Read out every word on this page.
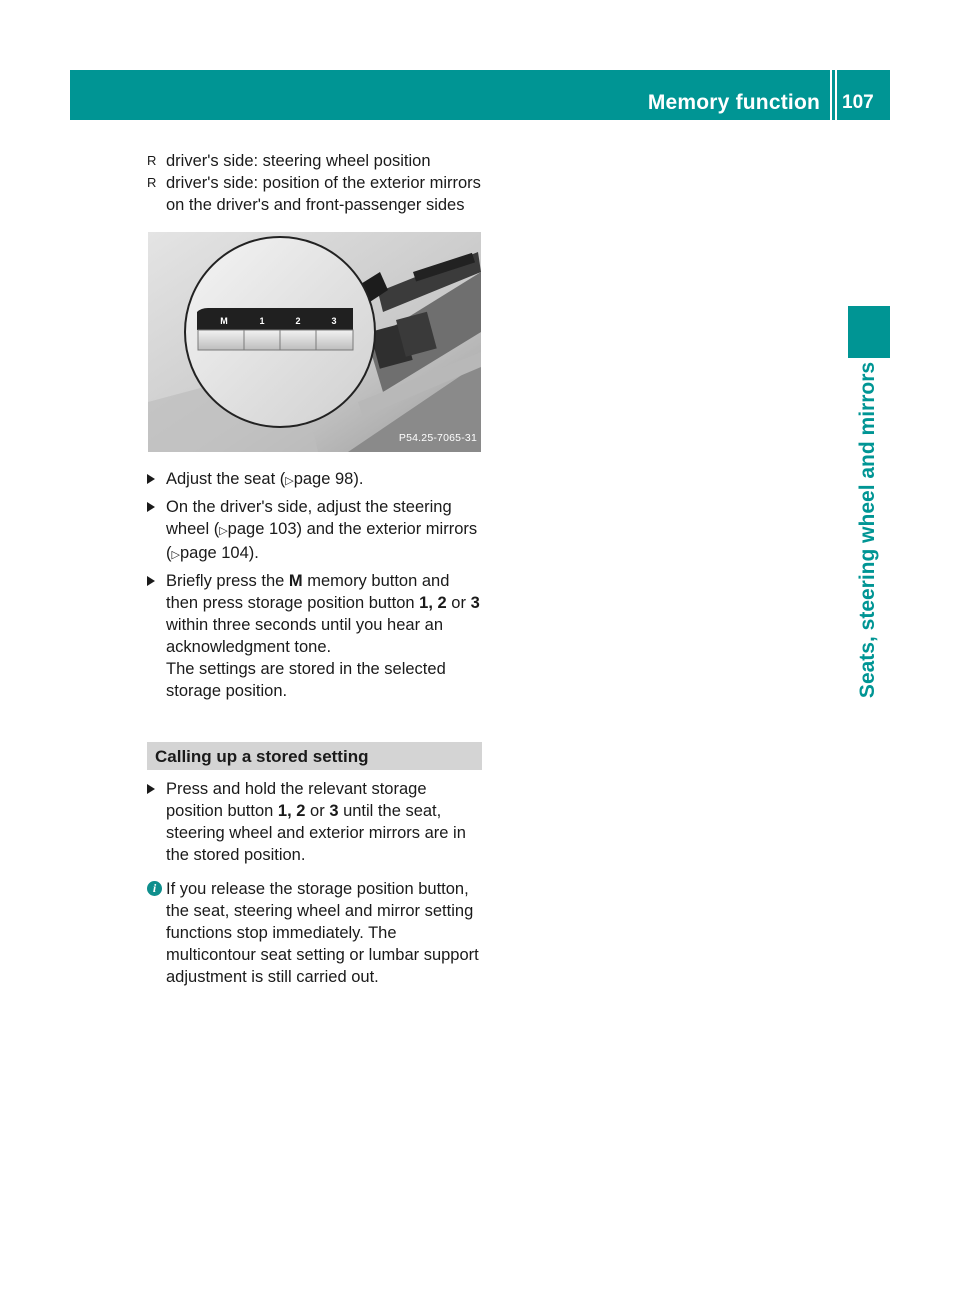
Memory function 107
Seats, steering wheel and mirrors
R driver's side: steering wheel position
R driver's side: position of the exterior mirrors on the driver's and front-passenger sides
M	1	2	3
P54.25-7065-31
Adjust the seat (▷page 98).
On the driver's side, adjust the steering wheel (▷page 103) and the exterior mirrors (▷page 104).
Briefly press the M memory button and then press storage position button 1, 2 or 3 within three seconds until you hear an acknowledgment tone.
The settings are stored in the selected storage position.
Calling up a stored setting
Press and hold the relevant storage position button 1, 2 or 3 until the seat, steering wheel and exterior mirrors are in the stored position.
i If you release the storage position button, the seat, steering wheel and mirror setting functions stop immediately. The multicontour seat setting or lumbar support adjustment is still carried out.
